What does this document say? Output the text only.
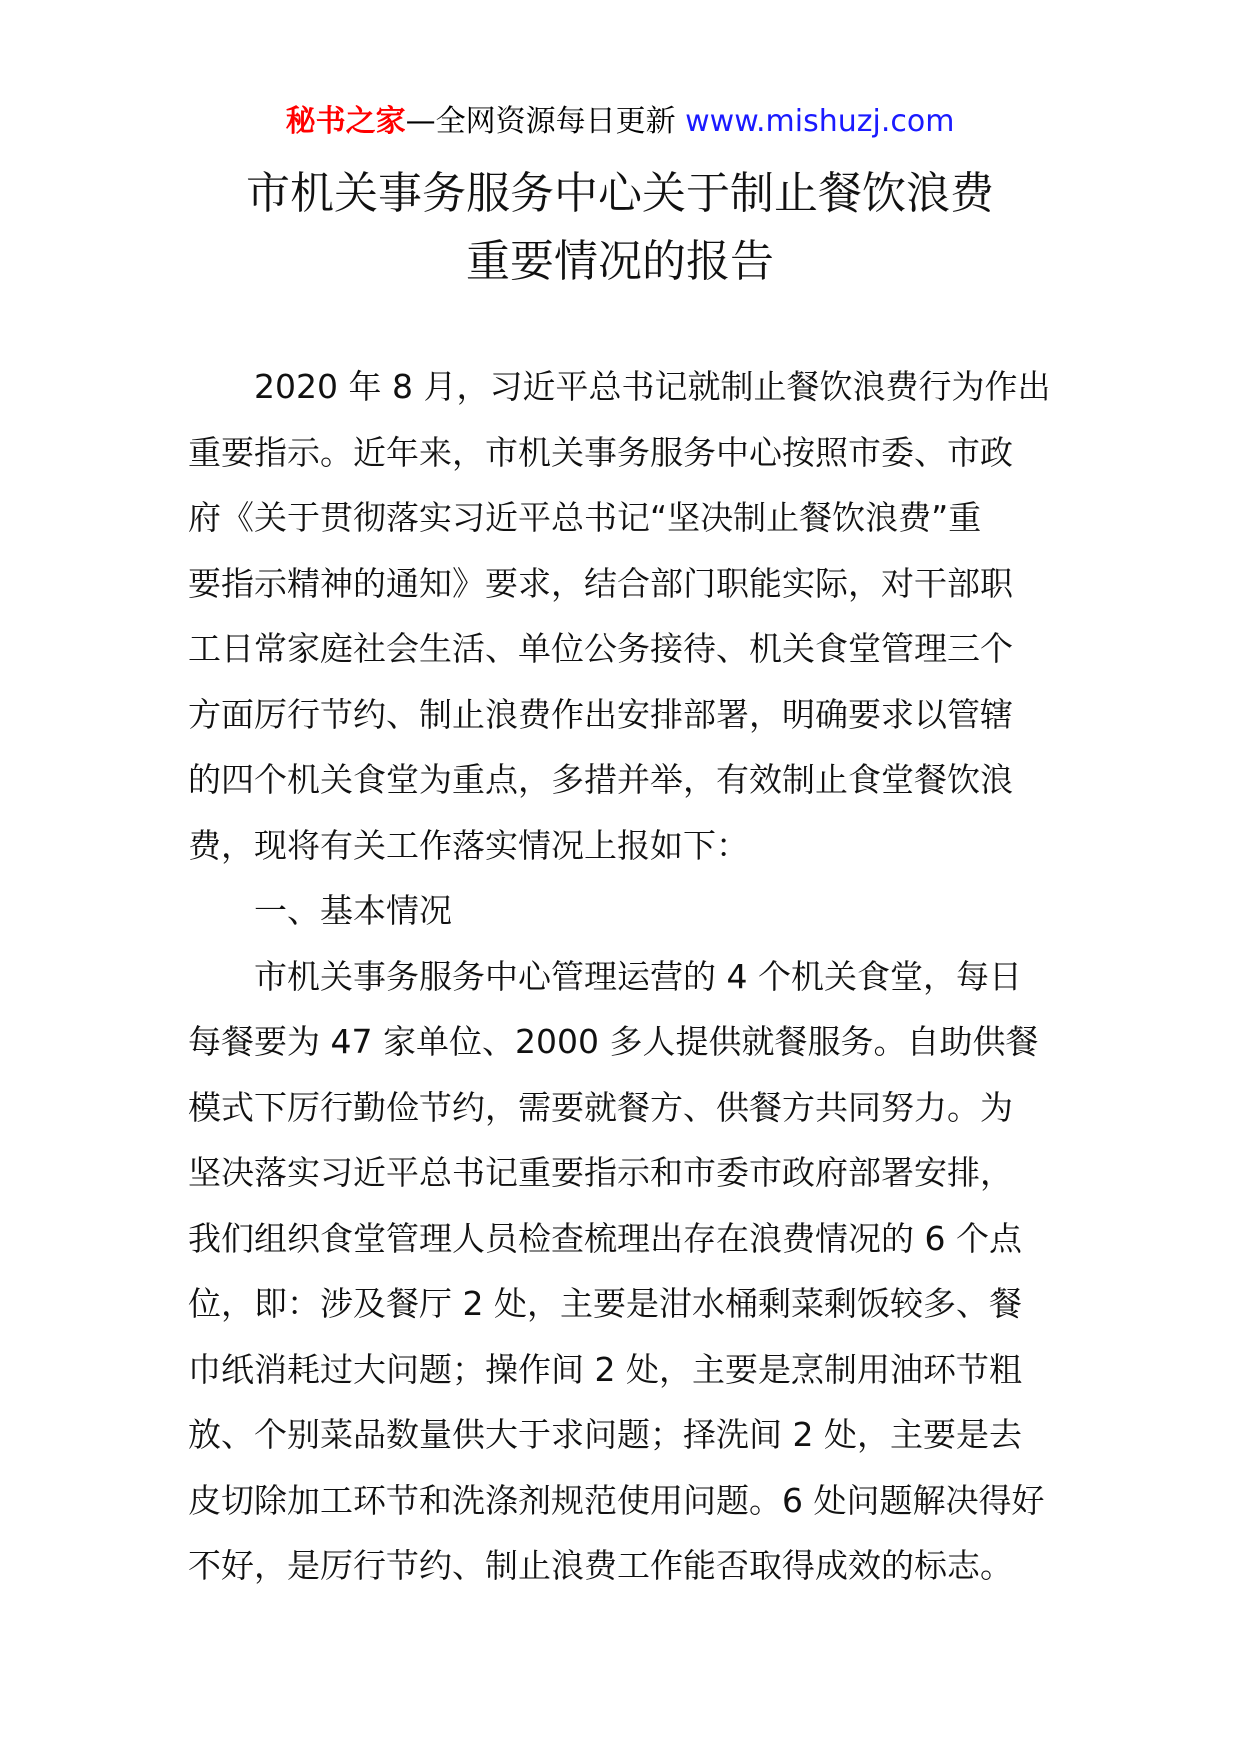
秘书之家—全网资源每日更新 www.mishuzj.com
市机关事务服务中心关于制止餐饮浪费
重要情况的报告
2020 年 8 月，习近平总书记就制止餐饮浪费行为作出
重要指示。近年来，市机关事务服务中心按照市委、市政
府《关于贯彻落实习近平总书记“坚决制止餐饮浪费”重
要指示精神的通知》要求，结合部门职能实际，对干部职
工日常家庭社会生活、单位公务接待、机关食堂管理三个
方面厉行节约、制止浪费作出安排部署，明确要求以管辖
的四个机关食堂为重点，多措并举，有效制止食堂餐饮浪
费，现将有关工作落实情况上报如下：
一、基本情况
市机关事务服务中心管理运营的 4 个机关食堂，每日
每餐要为 47 家单位、2000 多人提供就餐服务。自助供餐
模式下厉行勤俭节约，需要就餐方、供餐方共同努力。为
坚决落实习近平总书记重要指示和市委市政府部署安排，
我们组织食堂管理人员检查梳理出存在浪费情况的 6 个点
位，即：涉及餐厅 2 处，主要是泔水桶剩菜剩饭较多、餐
巾纸消耗过大问题；操作间 2 处，主要是烹制用油环节粗
放、个别菜品数量供大于求问题；择洗间 2 处，主要是去
皮切除加工环节和洗涤剂规范使用问题。6 处问题解决得好
不好，是厉行节约、制止浪费工作能否取得成效的标志。
